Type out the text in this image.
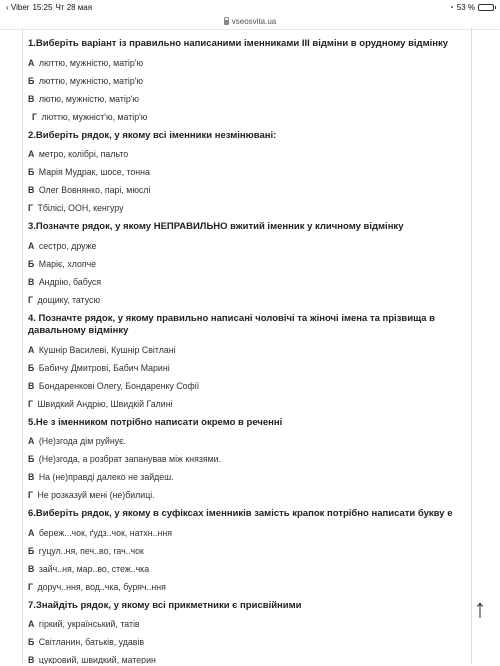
‹ Viber 15:25 Чт 28 мая	◔ 53 %
vseosvita.ua
1.Виберіть варіант із правильно написаними іменниками ІІІ відміни в орудному відмінку
А люттю, мужністю, матір'ю
Б люттю, мужністю, матір'ю
В лютю, мужністю, матір'ю
Г люттю, мужніст'ю, матір'ю
2.Виберіть рядок, у якому всі іменники незмінювані:
А метро, колібрі, пальто
Б Марія Мудрак, шосе, тонна
В Олег Вовнянко, парі, мюслі
Г Тбілісі, ООН, кенгуру
3.Позначте рядок, у якому НЕПРАВИЛЬНО вжитий іменник у кличному відмінку
А сестро, друже
Б Маріє, хлопче
В Андрію, бабуся
Г дощику, татусю
4. Позначте рядок, у якому правильно написані чоловічі та жіночі імена та прізвища в давальному відмінку
А Кушнір Василеві, Кушнір Світлані
Б Бабичу Дмитрові, Бабич Марині
В Бондаренкові Олегу, Бондаренку Софії
Г Швидкий Андрію, Швидкій Галині
5.Не з іменником потрібно написати окремо в реченні
А (Не)згода дім руйнує.
Б (Не)згода, а розбрат запанував між князями.
В На (не)правді далеко не зайдеш.
Г Не розказуй мені (не)билиці.
6.Виберіть рядок, у якому в суфіксах іменників замість крапок потрібно написати букву е
А береж...чок, ґудз..чок, натхн..ння
Б гуцул..ня, печ..во, гач..чок
В зайч..ня, мар..во, стеж..чка
Г доруч..ння, вод..чка, буряч..ння
7.Знайдіть рядок, у якому всі прикметники є присвійними
А гіркий, український, татів
Б Світланин, батьків, удавів
В цукровий, швидкий, материн
↑
